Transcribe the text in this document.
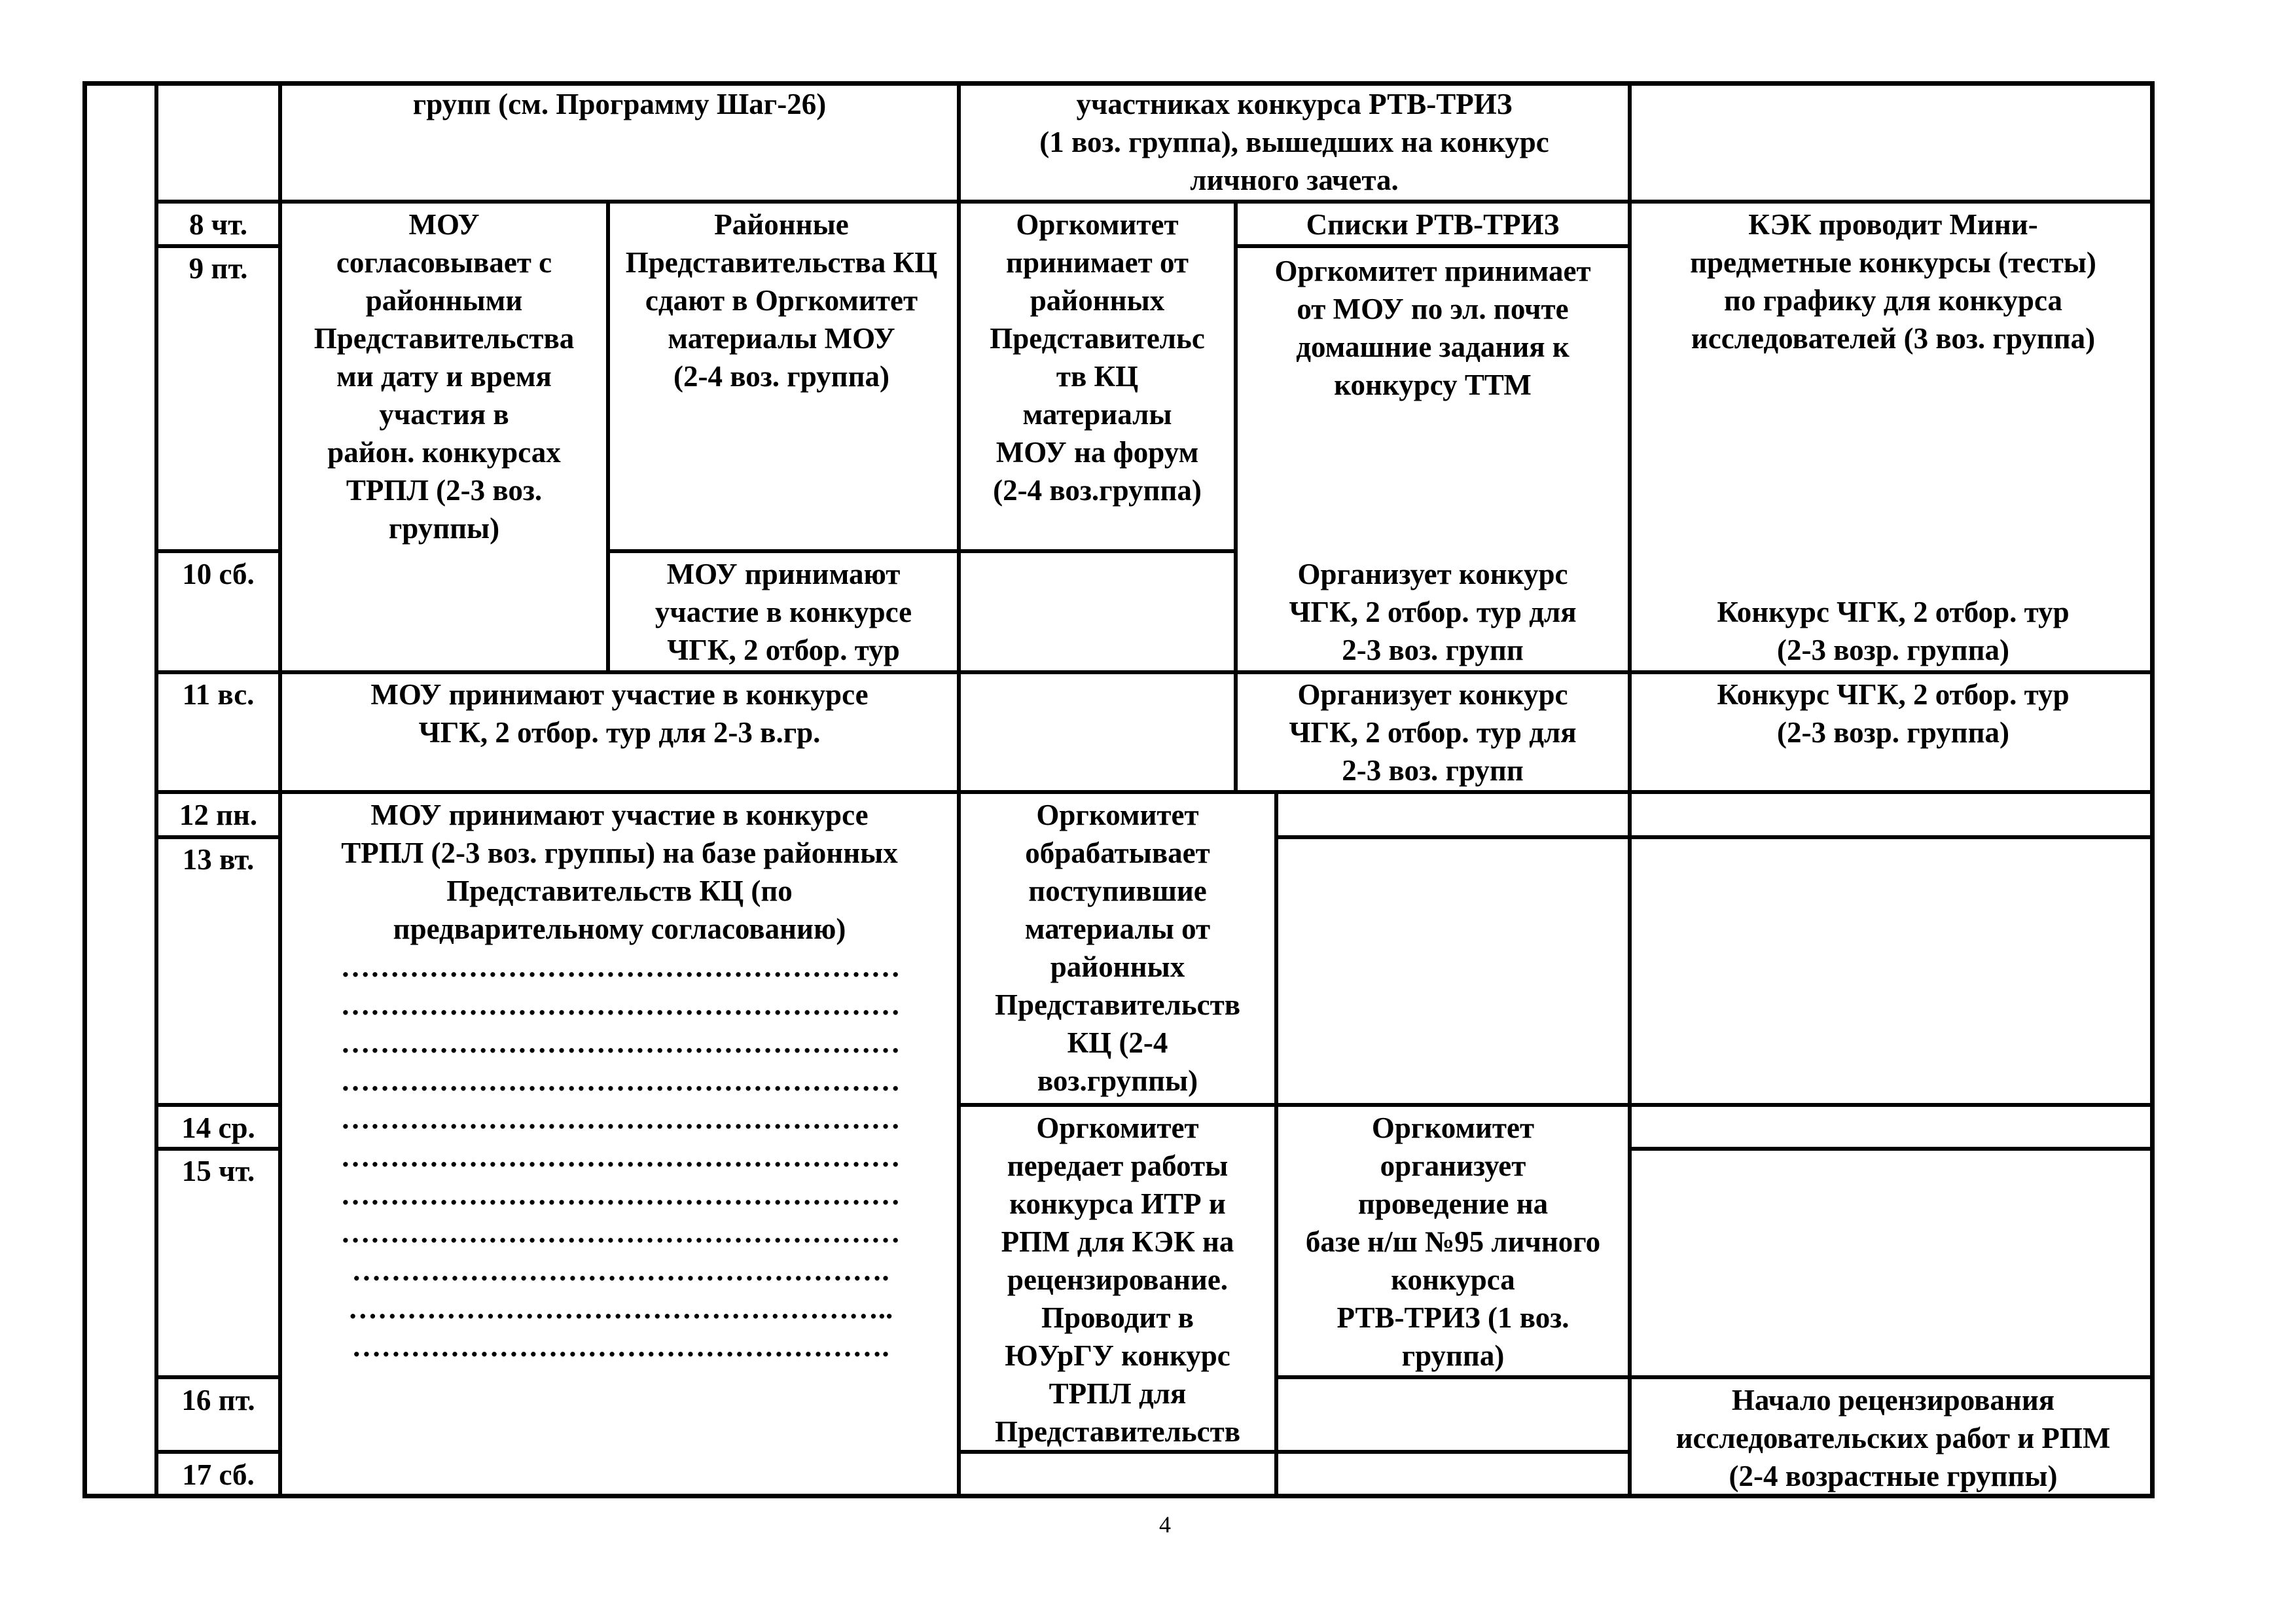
групп (см. Программу Шаг-26)	участниках конкурса РТВ-ТРИЗ
(1 воз. группа), вышедших на конкурс
личного зачета.
8 чт.
9 пт.
10 сб.
11 вс.
12 пн.
13 вт.
14 ср.
15 чт.
16 пт.
17 сб.
МОУ
согласовывает с
районными
Представительства
ми дату и время
участия в
район. конкурсах
ТРПЛ (2-3 воз.
группы)
Районные
Представительства КЦ
сдают в Оргкомитет
материалы МОУ
(2-4 воз. группа)
Оргкомитет
принимает от
районных
Представительс
тв КЦ
материалы
МОУ на форум
(2-4 воз.группа)
Списки РТВ-ТРИЗ
Оргкомитет принимает
от МОУ по эл. почте
домашние задания к
конкурсу ТТМ
КЭК проводит Мини-
предметные конкурсы (тесты)
по графику для конкурса
исследователей (3 воз. группа)
МОУ принимают
участие в конкурсе
ЧГК, 2 отбор. тур
Организует конкурс
ЧГК, 2 отбор. тур для
2-3 воз. групп
Конкурс ЧГК, 2 отбор. тур
(2-3 возр. группа)
МОУ принимают участие в конкурсе
ЧГК, 2 отбор. тур для 2-3 в.гр.
Организует конкурс
ЧГК, 2 отбор. тур для
2-3 воз. групп
Конкурс ЧГК, 2 отбор. тур
(2-3 возр. группа)
МОУ принимают участие в конкурсе
ТРПЛ (2-3 воз. группы) на базе районных
Представительств КЦ (по
предварительному согласованию)
…………………………………………………
…………………………………………………
…………………………………………………
…………………………………………………
…………………………………………………
…………………………………………………
…………………………………………………
…………………………………………………
……………………………………………….
………………………………………………..
……………………………………………….
Оргкомитет
обрабатывает
поступившие
материалы от
районных
Представительств
КЦ (2-4
воз.группы)
Оргкомитет
передает работы
конкурса ИТР и
РПМ для КЭК на
рецензирование.
Проводит в
ЮУрГУ конкурс
ТРПЛ для
Представительств
Оргкомитет
организует
проведение на
базе н/ш №95 личного
конкурса
РТВ-ТРИЗ (1 воз.
группа)
Начало рецензирования
исследовательских работ и РПМ
(2-4 возрастные группы)
4
